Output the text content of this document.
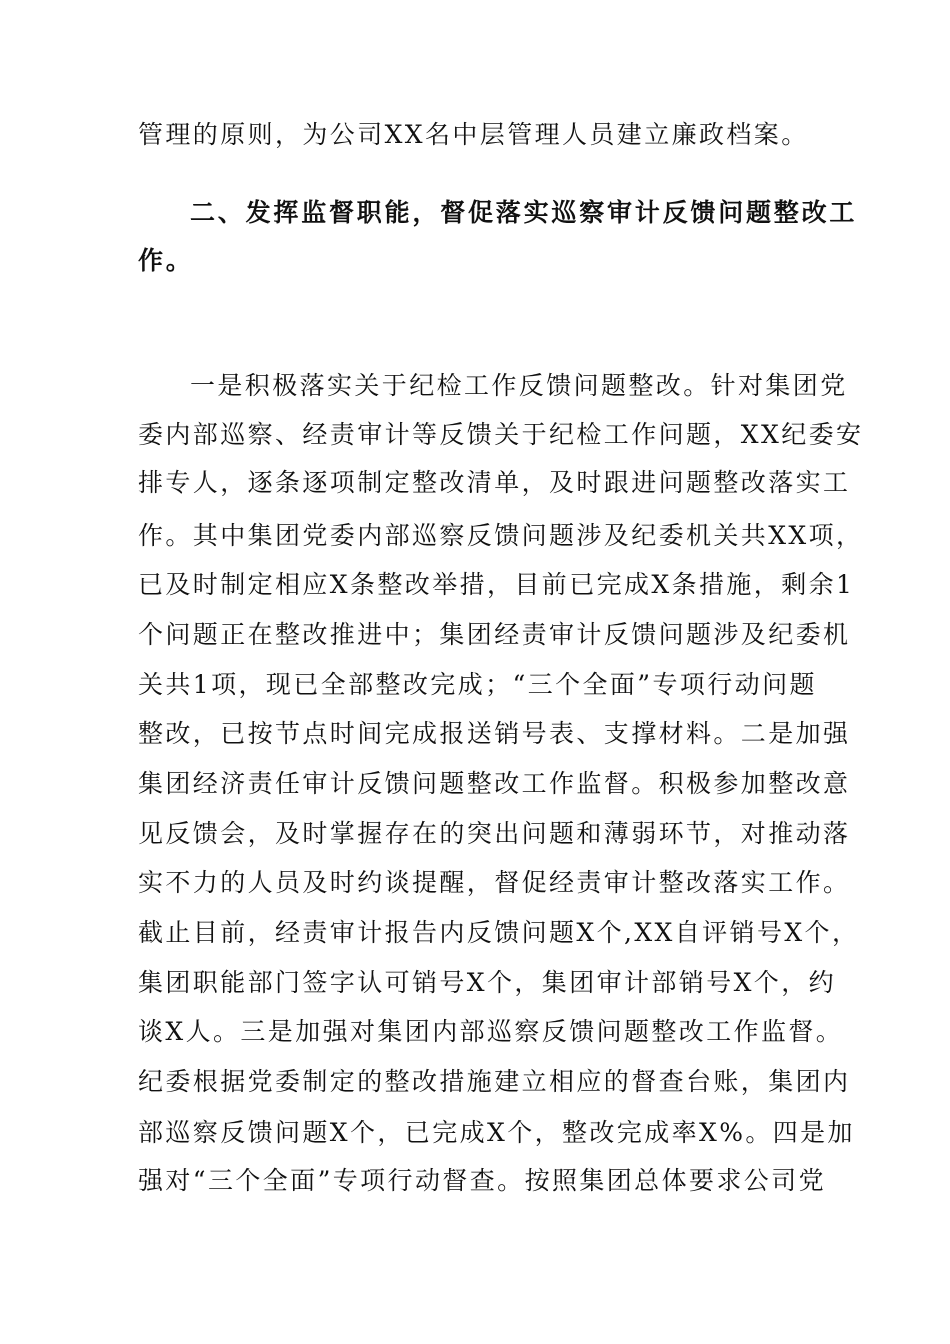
管理的原则，为公司XX名中层管理人员建立廉政档案。
二、发挥监督职能，督促落实巡察审计反馈问题整改工
作。
一是积极落实关于纪检工作反馈问题整改。针对集团党
委内部巡察、经责审计等反馈关于纪检工作问题，XX纪委安
排专人，逐条逐项制定整改清单，及时跟进问题整改落实工
作。其中集团党委内部巡察反馈问题涉及纪委机关共XX项，
已及时制定相应X条整改举措，目前已完成X条措施，剩余1
个问题正在整改推进中；集团经责审计反馈问题涉及纪委机
关共1项，现已全部整改完成；“三个全面”专项行动问题
整改，已按节点时间完成报送销号表、支撑材料。二是加强
集团经济责任审计反馈问题整改工作监督。积极参加整改意
见反馈会，及时掌握存在的突出问题和薄弱环节，对推动落
实不力的人员及时约谈提醒，督促经责审计整改落实工作。
截止目前，经责审计报告内反馈问题X个,XX自评销号X个，
集团职能部门签字认可销号X个，集团审计部销号X个，约
谈X人。三是加强对集团内部巡察反馈问题整改工作监督。
纪委根据党委制定的整改措施建立相应的督查台账，集团内
部巡察反馈问题X个，已完成X个，整改完成率X%。四是加
强对“三个全面”专项行动督查。按照集团总体要求公司党
